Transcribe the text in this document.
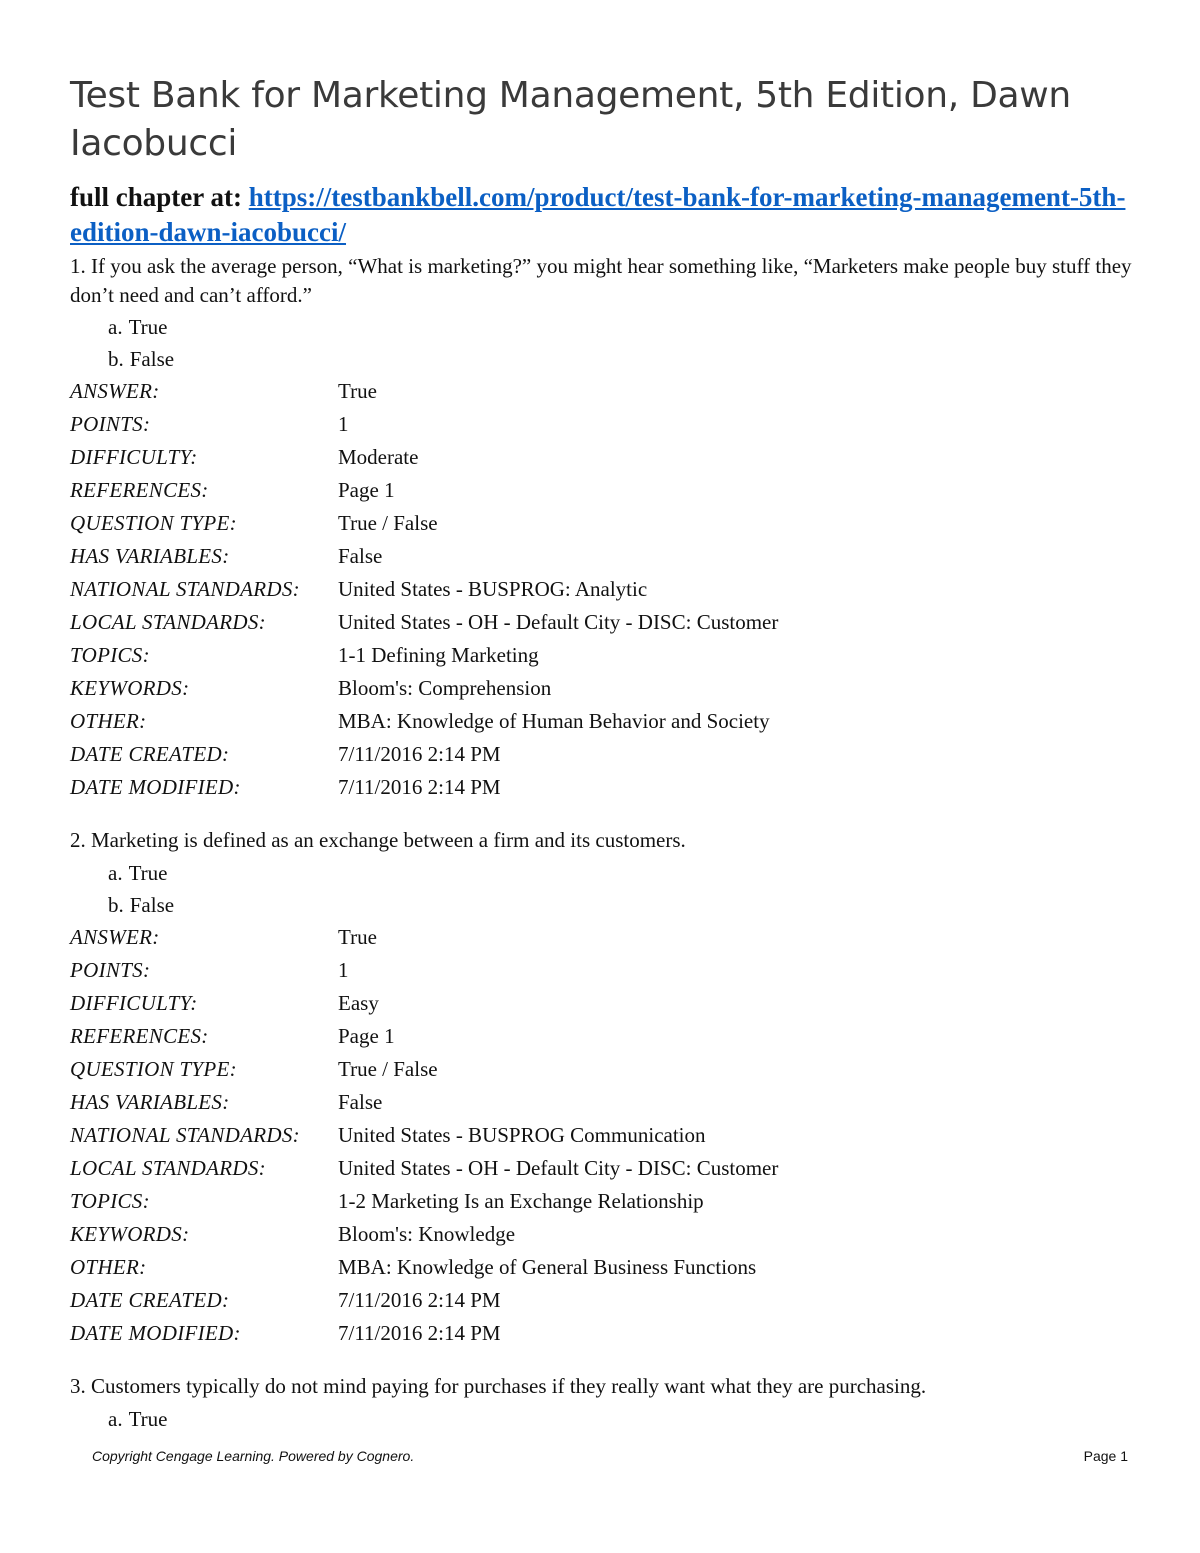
Test Bank for Marketing Management, 5th Edition, Dawn Iacobucci
full chapter at: https://testbankbell.com/product/test-bank-for-marketing-management-5th-edition-dawn-iacobucci/

1. If you ask the average person, “What is marketing?” you might hear something like, “Marketers make people buy stuff they don’t need and can’t afford.”

a. True
b. False
ANSWER:	True
POINTS:	1
DIFFICULTY:	Moderate
REFERENCES:	Page 1
QUESTION TYPE:	True / False
HAS VARIABLES:	False
NATIONAL STANDARDS:	United States - BUSPROG: Analytic
LOCAL STANDARDS:	United States - OH - Default City - DISC: Customer
TOPICS:	1-1 Defining Marketing
KEYWORDS:	Bloom's: Comprehension
OTHER:	MBA: Knowledge of Human Behavior and Society
DATE CREATED:	7/11/2016 2:14 PM
DATE MODIFIED:	7/11/2016 2:14 PM

2. Marketing is defined as an exchange between a firm and its customers.

a. True
b. False
ANSWER:	True
POINTS:	1
DIFFICULTY:	Easy
REFERENCES:	Page 1
QUESTION TYPE:	True / False
HAS VARIABLES:	False
NATIONAL STANDARDS:	United States - BUSPROG Communication
LOCAL STANDARDS:	United States - OH - Default City - DISC: Customer
TOPICS:	1-2 Marketing Is an Exchange Relationship
KEYWORDS:	Bloom's: Knowledge
OTHER:	MBA: Knowledge of General Business Functions
DATE CREATED:	7/11/2016 2:14 PM
DATE MODIFIED:	7/11/2016 2:14 PM

3. Customers typically do not mind paying for purchases if they really want what they are purchasing.

a. True
Copyright Cengage Learning. Powered by Cognero.	Page 1
